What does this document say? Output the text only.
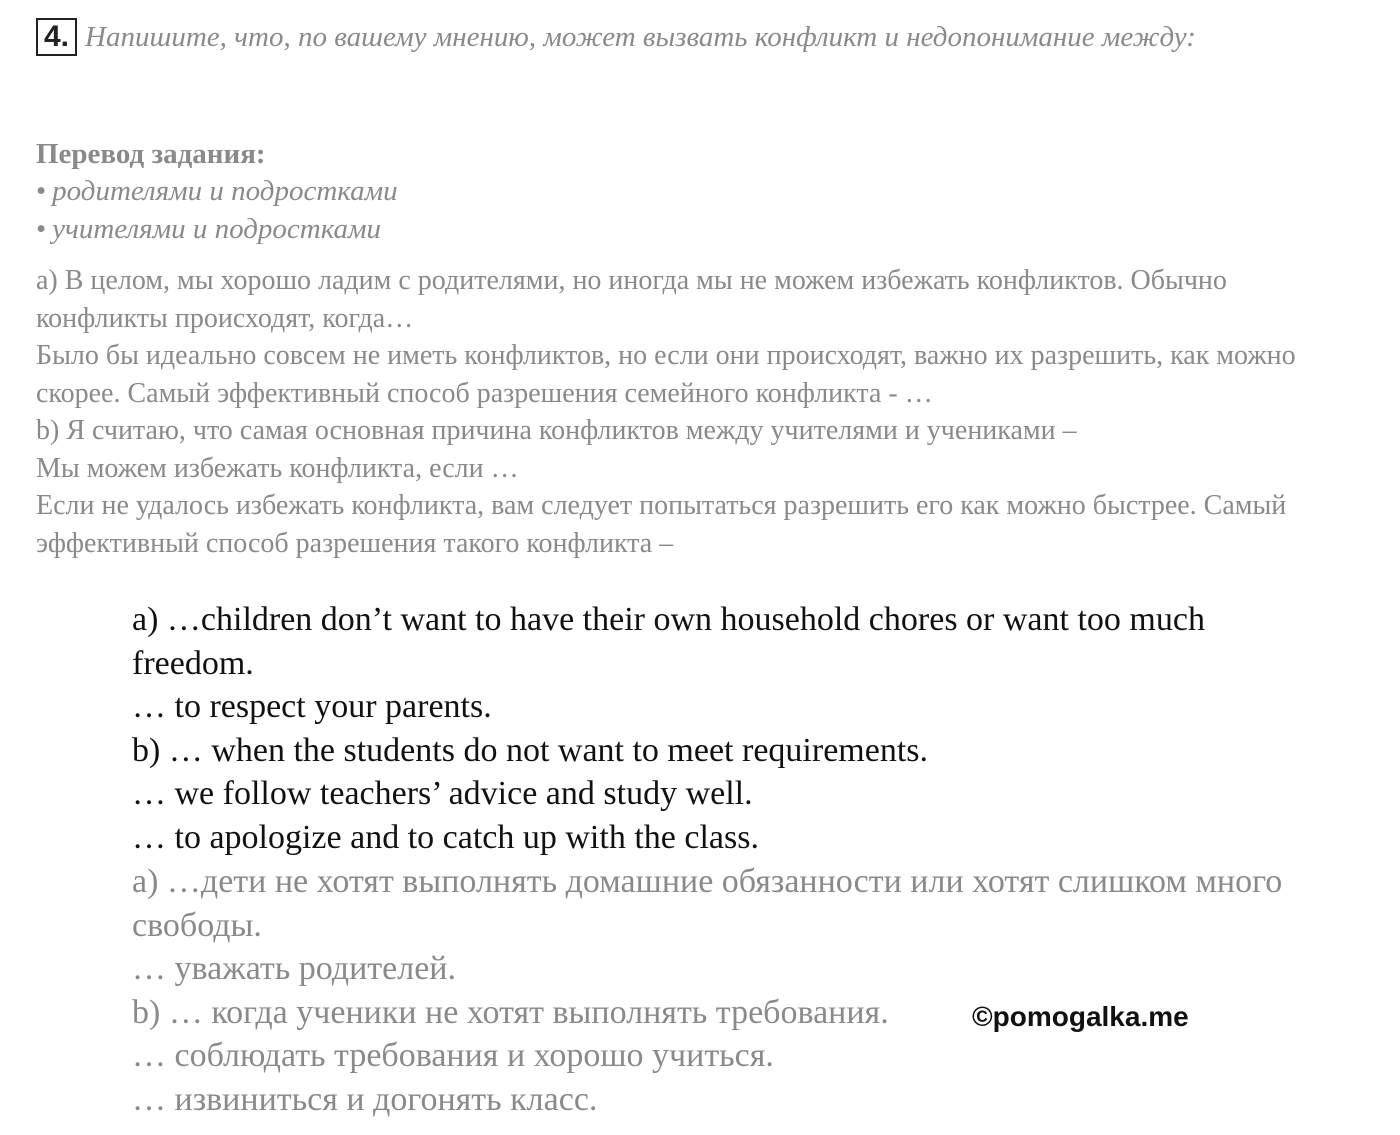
4. Напишите, что, по вашему мнению, может вызвать конфликт и недопонимание между:
Перевод задания:
• родителями и подростками
• учителями и подростками

а) В целом, мы хорошо ладим с родителями, но иногда мы не можем избежать конфликтов. Обычно конфликты происходят, когда…

Было бы идеально совсем не иметь конфликтов, но если они происходят, важно их разрешить, как можно скорее. Самый эффективный способ разрешения семейного конфликта - …

b) Я считаю, что самая основная причина конфликтов между учителями и учениками –

Мы можем избежать конфликта, если …

Если не удалось избежать конфликта, вам следует попытаться разрешить его как можно быстрее. Самый эффективный способ разрешения такого конфликта –

a) …children don’t want to have their own household chores or want too much freedom.

… to respect your parents.

b) … when the students do not want to meet requirements.

… we follow teachers’ advice and study well.

… to apologize and to catch up with the class.

а) …дети не хотят выполнять домашние обязанности или хотят слишком много свободы.

… уважать родителей.

b) … когда ученики не хотят выполнять требования.

… соблюдать требования и хорошо учиться.

… извиниться и догонять класс.

©pomogalka.me
